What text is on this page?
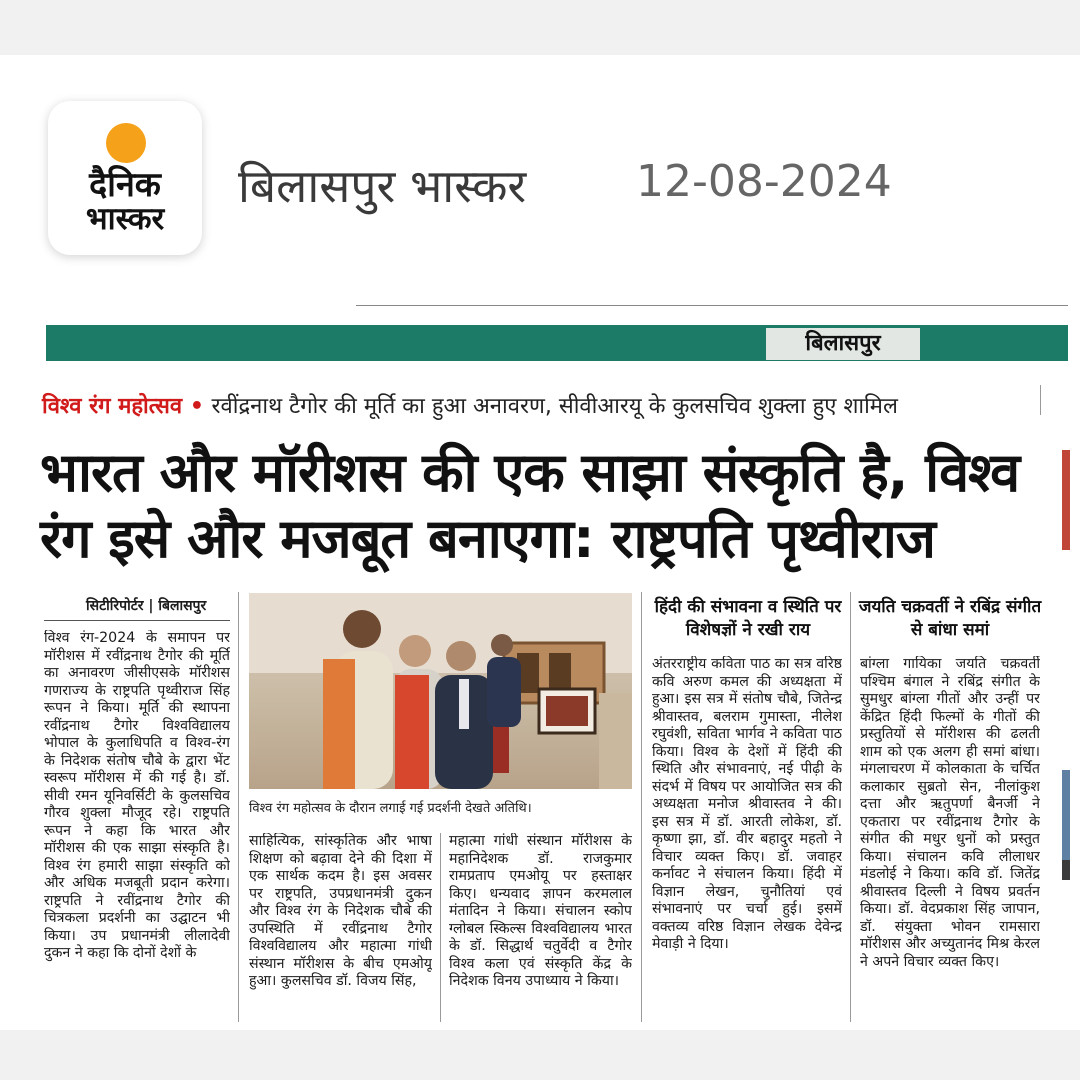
दैनिक
भास्कर
बिलासपुर भास्कर 12-08-2024
बिलासपुर
विश्व रंग महोत्सव • रवींद्रनाथ टैगोर की मूर्ति का हुआ अनावरण, सीवीआरयू के कुलसचिव शुक्ला हुए शामिल
भारत और मॉरीशस की एक साझा संस्कृति है, विश्व रंग इसे और मजबूत बनाएगा: राष्ट्रपति पृथ्वीराज
सिटीरिपोर्टर | बिलासपुर
विश्व रंग-2024 के समापन पर मॉरीशस में रवींद्रनाथ टैगोर की मूर्ति का अनावरण जीसीएसके मॉरीशस गणराज्य के राष्ट्रपति पृथ्वीराज सिंह रूपन ने किया। मूर्ति की स्थापना रवींद्रनाथ टैगोर विश्वविद्यालय भोपाल के कुलाधिपति व विश्व-रंग के निदेशक संतोष चौबे के द्वारा भेंट स्वरूप मॉरीशस में की गई है। डॉ. सीवी रमन यूनिवर्सिटी के कुलसचिव गौरव शुक्ला मौजूद रहे। राष्ट्रपति रूपन ने कहा कि भारत और मॉरीशस की एक साझा संस्कृति है। विश्व रंग हमारी साझा संस्कृति को और अधिक मजबूती प्रदान करेगा। राष्ट्रपति ने रवींद्रनाथ टैगोर की चित्रकला प्रदर्शनी का उद्घाटन भी किया। उप प्रधानमंत्री लीलादेवी दुकन ने कहा कि दोनों देशों के
विश्व रंग महोत्सव के दौरान लगाई गई प्रदर्शनी देखते अतिथि।
साहित्यिक, सांस्कृतिक और भाषा शिक्षण को बढ़ावा देने की दिशा में एक सार्थक कदम है। इस अवसर पर राष्ट्रपति, उपप्रधानमंत्री दुकन और विश्व रंग के निदेशक चौबे की उपस्थिति में रवींद्रनाथ टैगोर विश्वविद्यालय और महात्मा गांधी संस्थान मॉरीशस के बीच एमओयू हुआ। कुलसचिव डॉ. विजय सिंह,
महात्मा गांधी संस्थान मॉरीशस के महानिदेशक डॉ. राजकुमार रामप्रताप एमओयू पर हस्ताक्षर किए। धन्यवाद ज्ञापन करमलाल मंतादिन ने किया। संचालन स्कोप ग्लोबल स्किल्स विश्वविद्यालय भारत के डॉ. सिद्धार्थ चतुर्वेदी व टैगोर विश्व कला एवं संस्कृति केंद्र के निदेशक विनय उपाध्याय ने किया।
हिंदी की संभावना व स्थिति पर विशेषज्ञों ने रखी राय
अंतरराष्ट्रीय कविता पाठ का सत्र वरिष्ठ कवि अरुण कमल की अध्यक्षता में हुआ। इस सत्र में संतोष चौबे, जितेन्द्र श्रीवास्तव, बलराम गुमास्ता, नीलेश रघुवंशी, सविता भार्गव ने कविता पाठ किया। विश्व के देशों में हिंदी की स्थिति और संभावनाएं, नई पीढ़ी के संदर्भ में विषय पर आयोजित सत्र की अध्यक्षता मनोज श्रीवास्तव ने की। इस सत्र में डॉ. आरती लोकेश, डॉ. कृष्णा झा, डॉ. वीर बहादुर महतो ने विचार व्यक्त किए। डॉ. जवाहर कर्नावट ने संचालन किया। हिंदी में विज्ञान लेखन, चुनौतियां एवं संभावनाएं पर चर्चा हुई। इसमें वक्तव्य वरिष्ठ विज्ञान लेखक देवेन्द्र मेवाड़ी ने दिया।
जयति चक्रवर्ती ने रबिंद्र संगीत से बांधा समां
बांग्ला गायिका जयति चक्रवर्ती पश्चिम बंगाल ने रबिंद्र संगीत के सुमधुर बांग्ला गीतों और उन्हीं पर केंद्रित हिंदी फिल्मों के गीतों की प्रस्तुतियों से मॉरीशस की ढलती शाम को एक अलग ही समां बांधा। मंगलाचरण में कोलकाता के चर्चित कलाकार सुब्रतो सेन, नीलांकुश दत्ता और ऋतुपर्णा बैनर्जी ने एकतारा पर रवींद्रनाथ टैगोर के संगीत की मधुर धुनों को प्रस्तुत किया। संचालन कवि लीलाधर मंडलोई ने किया। कवि डॉ. जितेंद्र श्रीवास्तव दिल्ली ने विषय प्रवर्तन किया। डॉ. वेदप्रकाश सिंह जापान, डॉ. संयुक्ता भोवन रामसारा मॉरीशस और अच्युतानंद मिश्र केरल ने अपने विचार व्यक्त किए।
